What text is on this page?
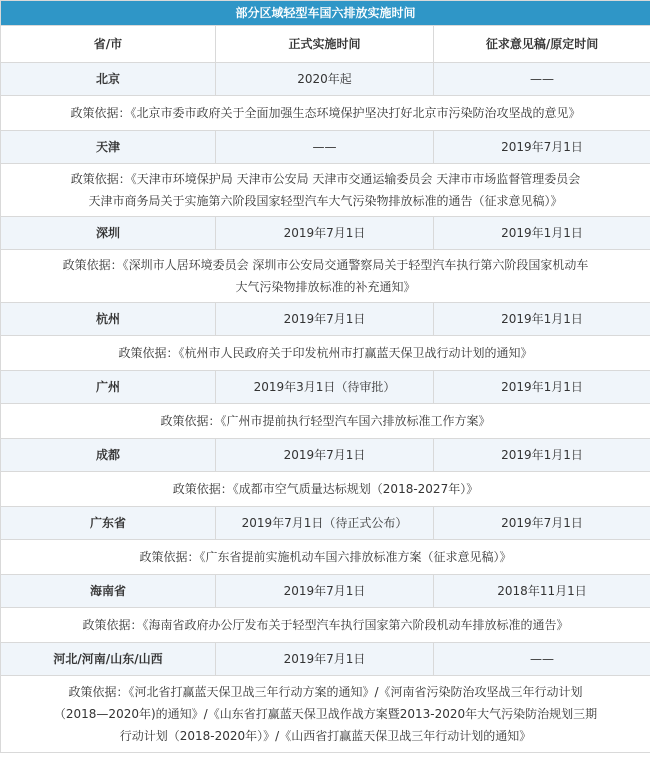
部分区域轻型车国六排放实施时间		
省/市	正式实施时间	征求意见稿/原定时间
北京	2020年起	——

政策依据：《北京市委市政府关于全面加强生态环境保护坚决打好北京市污染防治攻坚战的意见》		

天津	——	2019年7月1日

政策依据：《天津市环境保护局 天津市公安局 天津市交通运输委员会 天津市市场监督管理委员会
天津市商务局关于实施第六阶段国家轻型汽车大气污染物排放标准的通告（征求意见稿）》		

深圳	2019年7月1日	2019年1月1日

政策依据：《深圳市人居环境委员会 深圳市公安局交通警察局关于轻型汽车执行第六阶段国家机动车
大气污染物排放标准的补充通知》		

杭州	2019年7月1日	2019年1月1日

政策依据：《杭州市人民政府关于印发杭州市打赢蓝天保卫战行动计划的通知》		

广州	2019年3月1日（待审批）	2019年1月1日

政策依据：《广州市提前执行轻型汽车国六排放标准工作方案》		

成都	2019年7月1日	2019年1月1日

政策依据：《成都市空气质量达标规划（2018-2027年）》		

广东省	2019年7月1日（待正式公布）	2019年7月1日

政策依据：《广东省提前实施机动车国六排放标准方案（征求意见稿）》		

海南省	2019年7月1日	2018年11月1日

政策依据：《海南省政府办公厅发布关于轻型汽车执行国家第六阶段机动车排放标准的通告》		

河北/河南/山东/山西	2019年7月1日	——

政策依据：《河北省打赢蓝天保卫战三年行动方案的通知》/《河南省污染防治攻坚战三年行动计划
（2018—2020年)的通知》/《山东省打赢蓝天保卫战作战方案暨2013-2020年大气污染防治规划三期
行动计划（2018-2020年）》/《山西省打赢蓝天保卫战三年行动计划的通知》		
